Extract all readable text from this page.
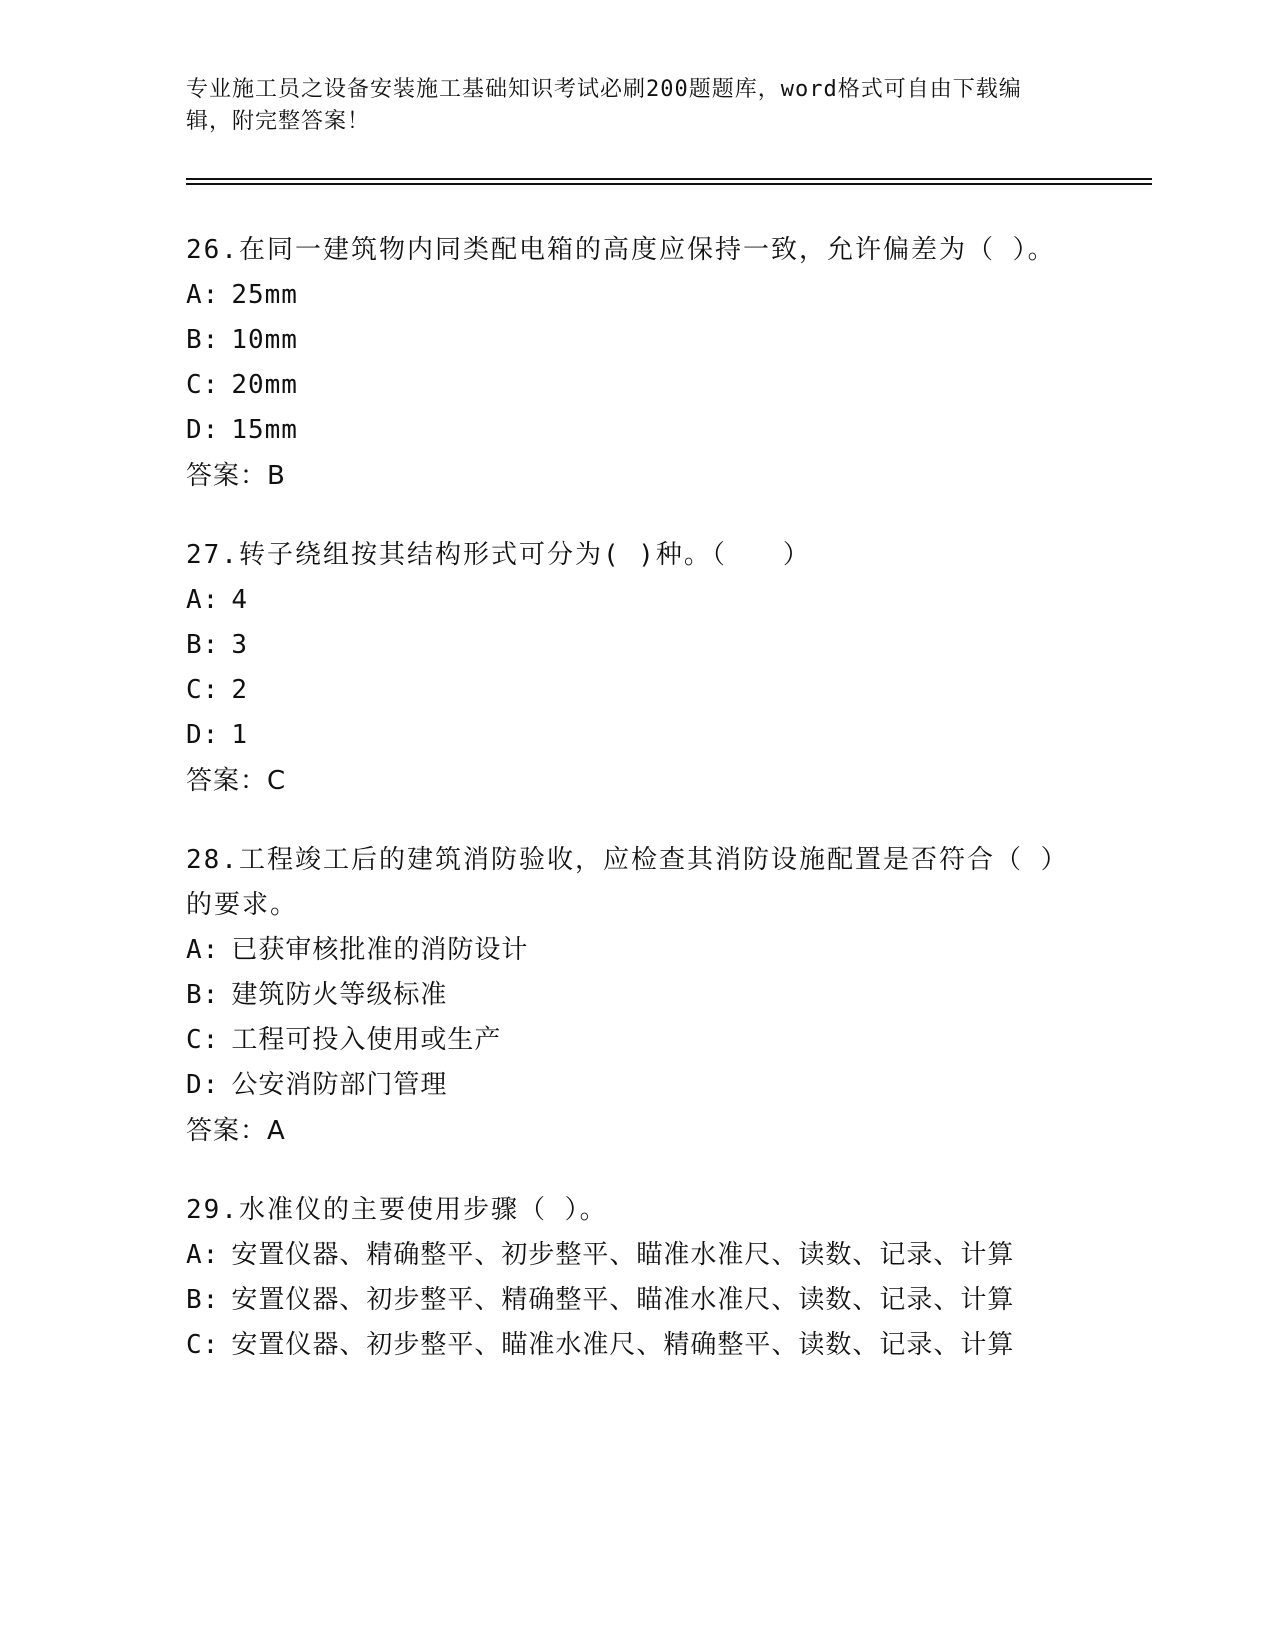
专业施工员之设备安装施工基础知识考试必刷200题题库，word格式可自由下载编辑，附完整答案！
26.在同一建筑物内同类配电箱的高度应保持一致，允许偏差为（ ）。
A: 25mm
B: 10mm
C: 20mm
D: 15mm
答案：B
27.转子绕组按其结构形式可分为( )种。（　　）
A: 4
B: 3
C: 2
D: 1
答案：C
28.工程竣工后的建筑消防验收，应检查其消防设施配置是否符合（ ）的要求。
A: 已获审核批准的消防设计
B: 建筑防火等级标准
C: 工程可投入使用或生产
D: 公安消防部门管理
答案：A
29.水准仪的主要使用步骤（ ）。
A: 安置仪器、精确整平、初步整平、瞄准水准尺、读数、记录、计算
B: 安置仪器、初步整平、精确整平、瞄准水准尺、读数、记录、计算
C: 安置仪器、初步整平、瞄准水准尺、精确整平、读数、记录、计算
